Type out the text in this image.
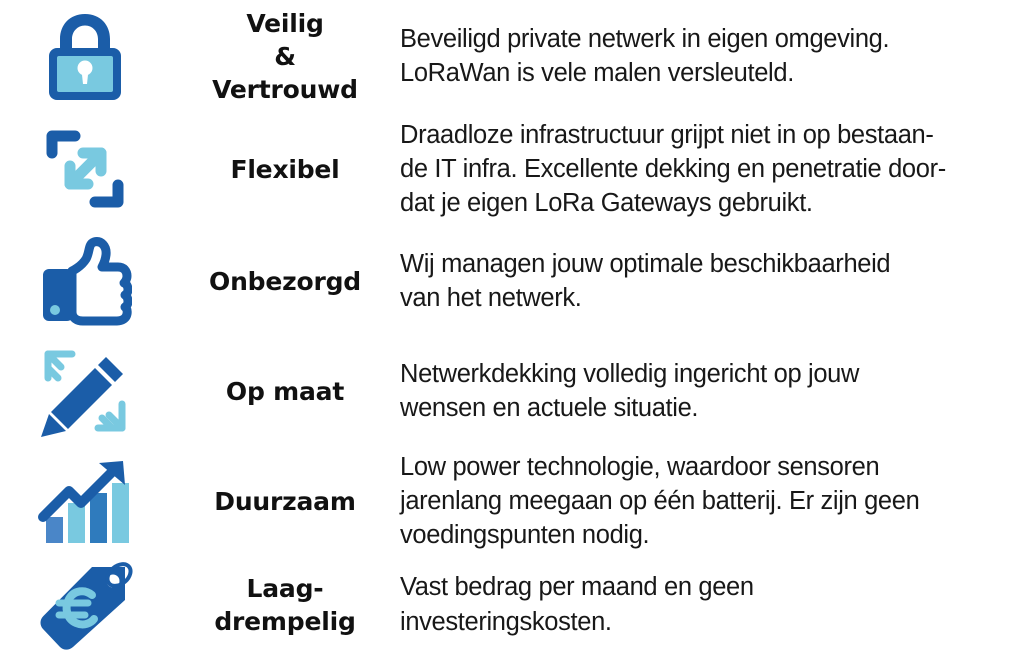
Veilig
&
Vertrouwd
Beveiligd private netwerk in eigen omgeving.
LoRaWan is vele malen versleuteld.
Flexibel
Draadloze infrastructuur grijpt niet in op bestaan-
de IT infra. Excellente dekking en penetratie door-
dat je eigen LoRa Gateways gebruikt.
Onbezorgd
Wij managen jouw optimale beschikbaarheid
van het netwerk.
Op maat
Netwerkdekking volledig ingericht op jouw
wensen en actuele situatie.
Duurzaam
Low power technologie, waardoor sensoren
jarenlang meegaan op één batterij. Er zijn geen
voedingspunten nodig.
Laag-
drempelig
Vast bedrag per maand en geen
investeringskosten.
